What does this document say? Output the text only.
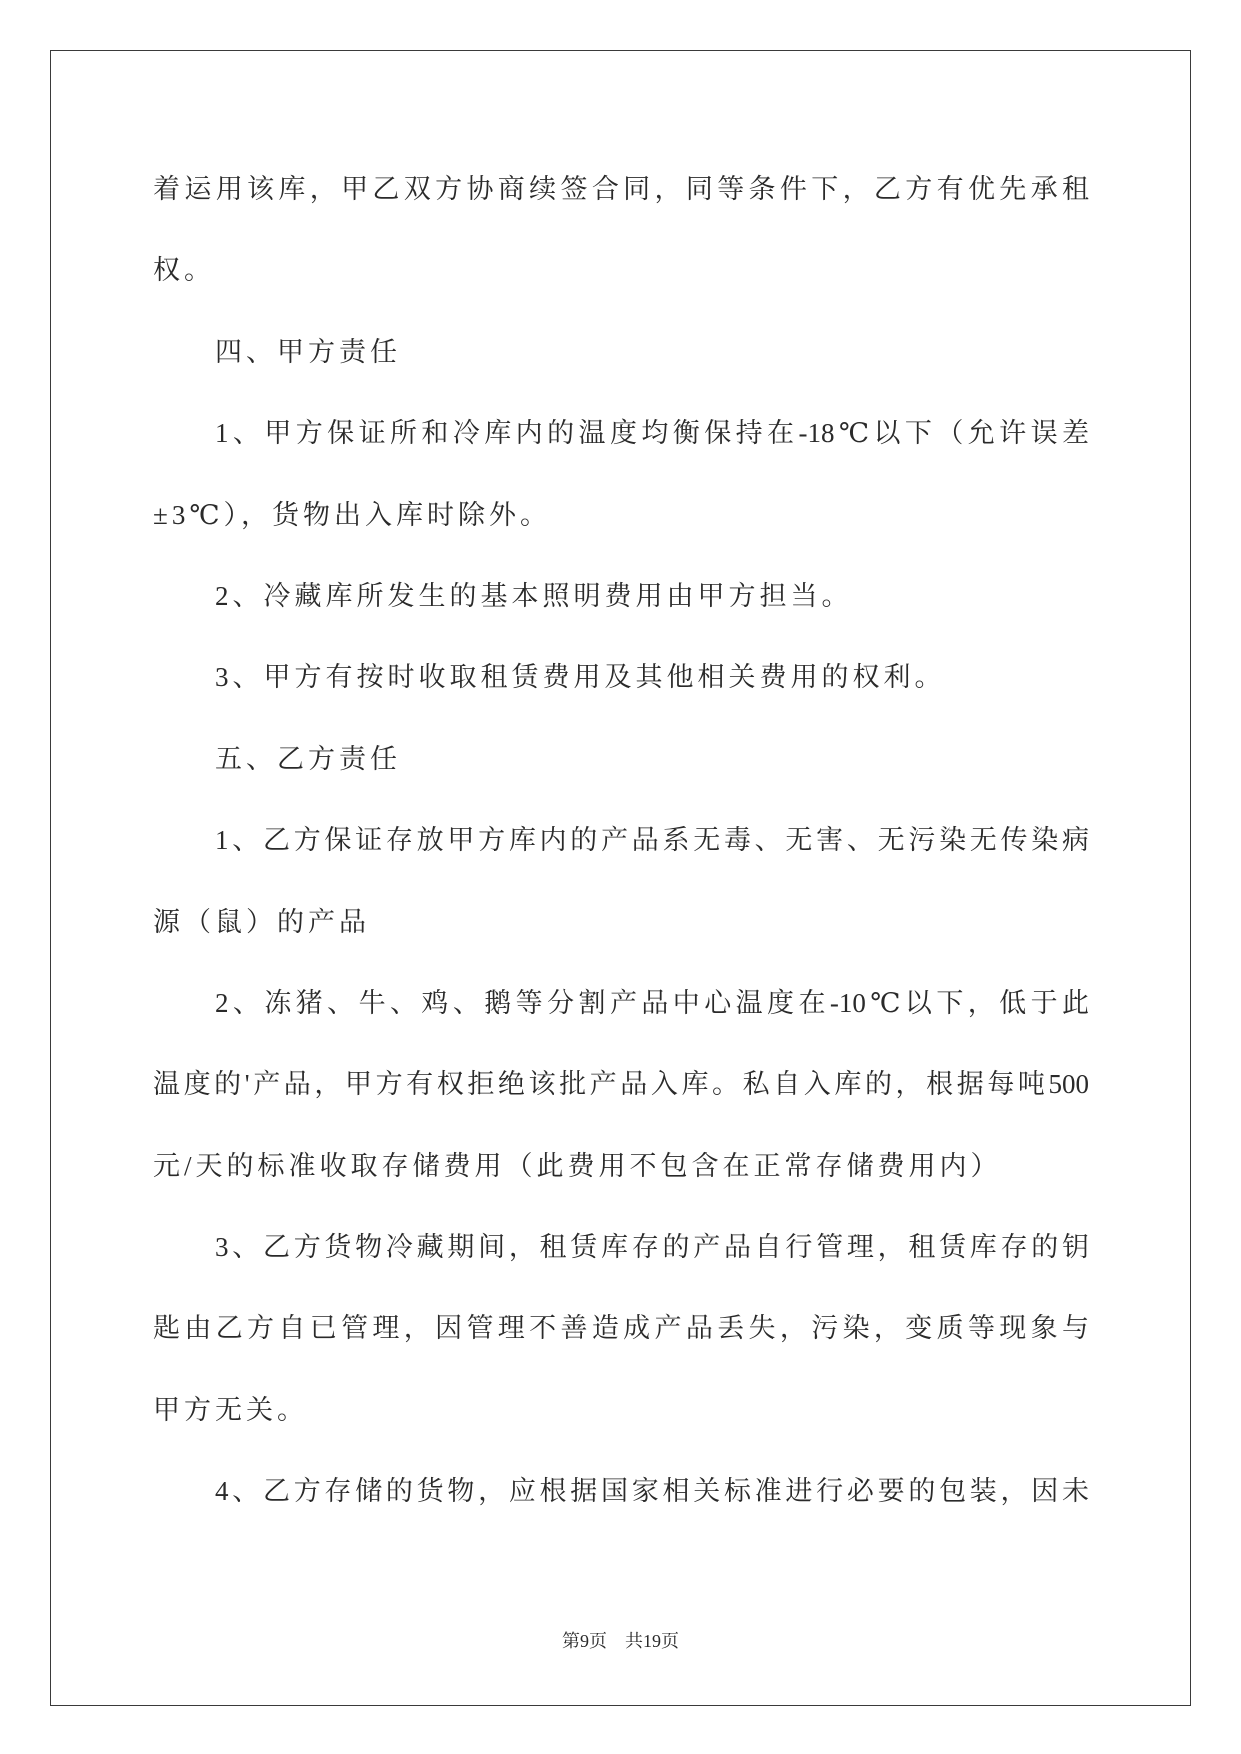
着运用该库，甲乙双方协商续签合同，同等条件下，乙方有优先承租
权。
四、甲方责任
1、甲方保证所和冷库内的温度均衡保持在-18℃以下（允许误差
±3℃），货物出入库时除外。
2、冷藏库所发生的基本照明费用由甲方担当。
3、甲方有按时收取租赁费用及其他相关费用的权利。
五、乙方责任
1、乙方保证存放甲方库内的产品系无毒、无害、无污染无传染病
源（鼠）的产品
2、冻猪、牛、鸡、鹅等分割产品中心温度在-10℃以下，低于此
温度的'产品，甲方有权拒绝该批产品入库。私自入库的，根据每吨500
元/天的标准收取存储费用（此费用不包含在正常存储费用内）
3、乙方货物冷藏期间，租赁库存的产品自行管理，租赁库存的钥
匙由乙方自已管理，因管理不善造成产品丢失，污染，变质等现象与
甲方无关。
4、乙方存储的货物，应根据国家相关标准进行必要的包装，因未
第9页 共19页
